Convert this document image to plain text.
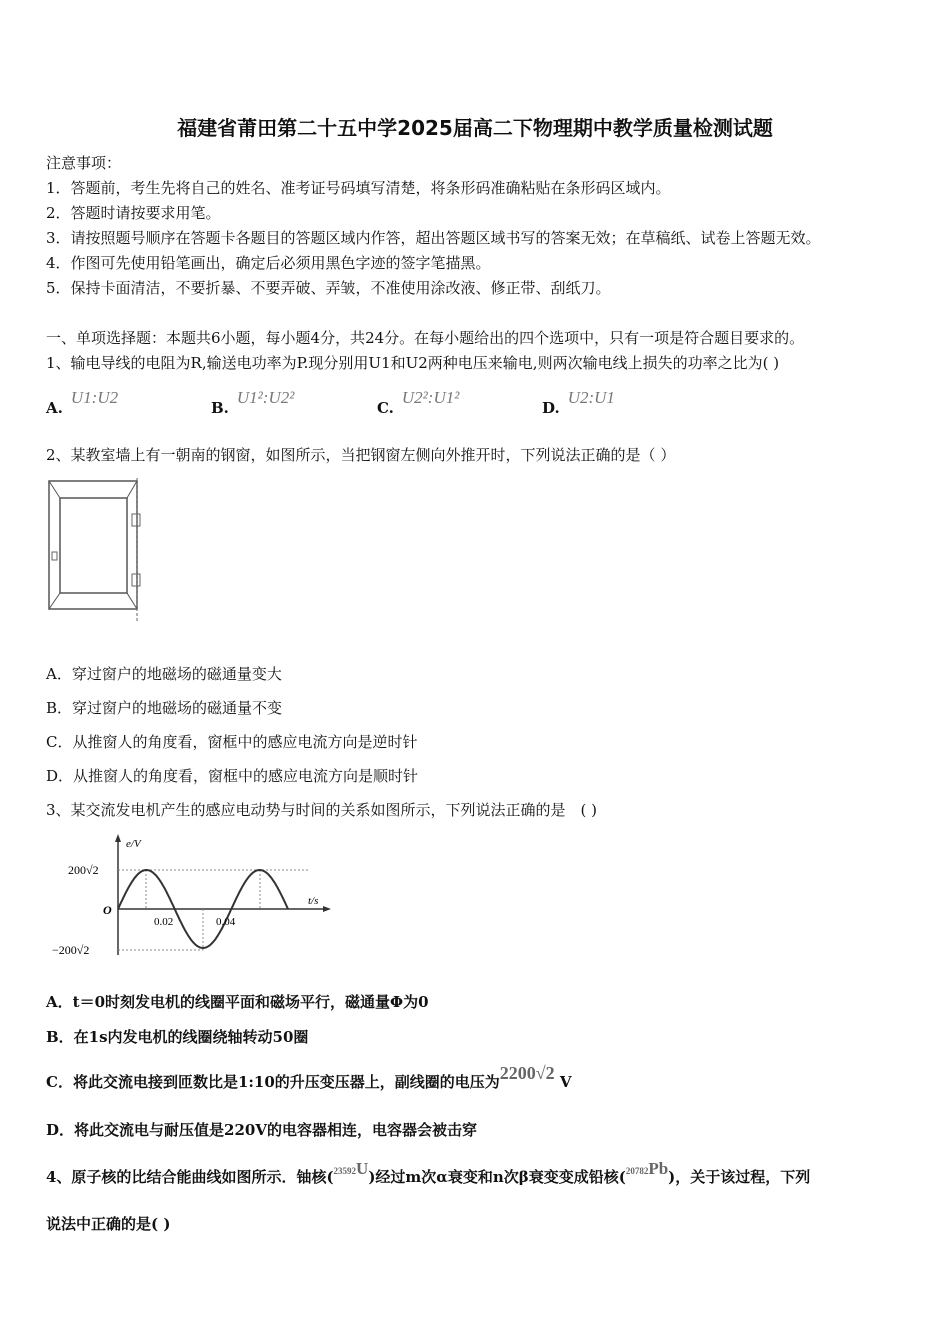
福建省莆田第二十五中学2025届高二下物理期中教学质量检测试题
注意事项：
1．答题前，考生先将自己的姓名、准考证号码填写清楚，将条形码准确粘贴在条形码区域内。
2．答题时请按要求用笔。
3．请按照题号顺序在答题卡各题目的答题区域内作答，超出答题区域书写的答案无效；在草稿纸、试卷上答题无效。
4．作图可先使用铅笔画出，确定后必须用黑色字迹的签字笔描黑。
5．保持卡面清洁，不要折暴、不要弄破、弄皱，不准使用涂改液、修正带、刮纸刀。
一、单项选择题：本题共6小题，每小题4分，共24分。在每小题给出的四个选项中，只有一项是符合题目要求的。
1、输电导线的电阻为R,输送电功率为P.现分别用U1和U2两种电压来输电,则两次输电线上损失的功率之比为( )
A.U1:U2
B.U1²:U2²
C.U2²:U1²
D.U2:U1
2、某教室墙上有一朝南的钢窗，如图所示，当把钢窗左侧向外推开时，下列说法正确的是（ ）
A．穿过窗户的地磁场的磁通量变大
B．穿过窗户的地磁场的磁通量不变
C．从推窗人的角度看，窗框中的感应电流方向是逆时针
D．从推窗人的角度看，窗框中的感应电流方向是顺时针
3、某交流发电机产生的感应电动势与时间的关系如图所示，下列说法正确的是　( )
e/V
t/s
O
200√2
−200√2
0.02	0.04
A．t＝0时刻发电机的线圈平面和磁场平行，磁通量Φ为0
B．在1s内发电机的线圈绕轴转动50圈
C．将此交流电接到匝数比是1:10的升压变压器上，副线圈的电压为2200√2 V
D．将此交流电与耐压值是220V的电容器相连，电容器会被击穿
4、原子核的比结合能曲线如图所示．铀核(23592U)经过m次α衰变和n次β衰变变成铅核(20782Pb)，关于该过程，下列
说法中正确的是( )
